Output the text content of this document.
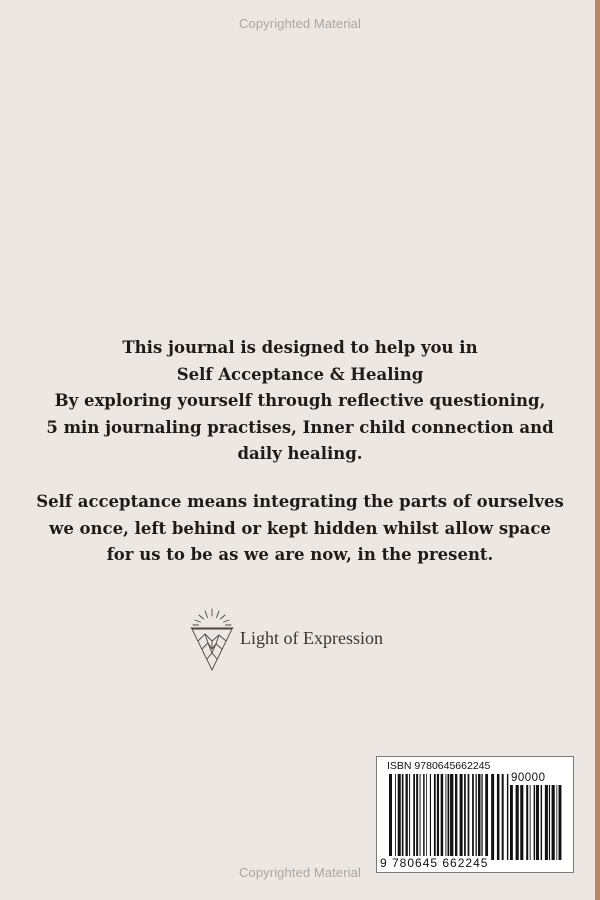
Copyrighted Material

This journal is designed to help you in

Self Acceptance & Healing

By exploring yourself through reflective questioning,

5 min journaling practises, Inner child connection and

daily healing.

Self acceptance means integrating the parts of ourselves

we once, left behind or kept hidden whilst allow space

for us to be as we are now, in the present.

Light of Expression
ISBN 9780645662245
90000
9 780645 662245
Copyrighted Material
